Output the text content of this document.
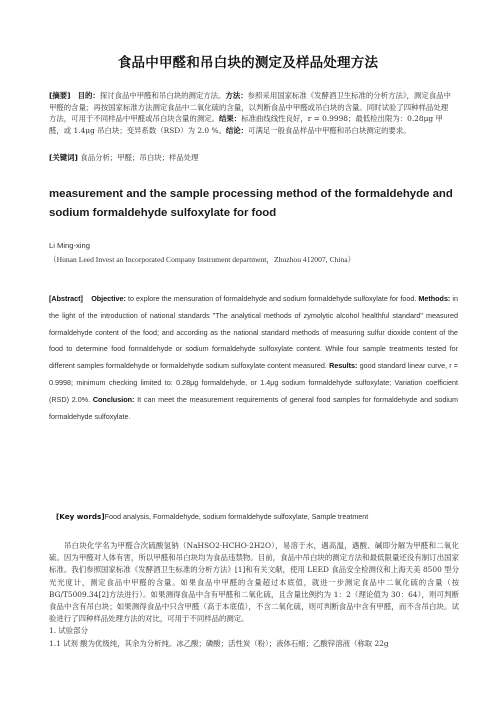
食品中甲醛和吊白块的测定及样品处理方法
[摘要] 目的：探讨食品中甲醛和吊白块的测定方法。方法：参照采用国家标准《发酵酒卫生标准的分析方法》，测定食品中甲醛的含量；再按国家标准方法测定食品中二氧化硫的含量，以判断食品中甲醛或吊白块的含量。同时试验了四种样品处理方法，可用于不同样品中甲醛或吊白块含量的测定。结果：标准曲线线性良好，r = 0.9998；最低检出限为：0.28μg 甲醛，或 1.4μg 吊白块；变异系数（RSD）为 2.0 %。结论：可满足一般食品样品中甲醛和吊白块测定的要求。
[关键词] 食品分析；甲醛；吊白块；样品处理
measurement and the sample processing method of the formaldehyde and sodium formaldehyde sulfoxylate for food
Li Ming-xing
（Hunan Leed Invest an Incorporated Company Instrument department，Zhuzhou 412007, China）
[Abstract] Objective: to explore the mensuration of formaldehyde and sodium formaldehyde sulfoxylate for food. Methods: in the light of the introduction of national standards "The analytical methods of zymolytic alcohol healthful standard" measured formaldehyde content of the food; and according as the national standard methods of measuring sulfur dioxide content of the food to determine food formaldehyde or sodium formaldehyde sulfoxylate content. While four sample treatments tested for different samples formaldehyde or formaldehyde sodium sulfoxylate content measured. Results: good standard linear curve, r = 0.9998; minimum checking limited to: 0.28μg formaldehyde, or 1.4μg sodium formaldehyde sulfoxylate; Variation coefficient (RSD) 2.0%. Conclusion: It can meet the measurement requirements of general food samples for formaldehyde and sodium formaldehyde sulfoxylate.
[Key words]Food analysis, Formaldehyde, sodium formaldehyde sulfoxylate, Sample treatment
吊白块化学名为甲醛合次硫酸氢钠（NaHSO2·HCHO·2H2O），易溶于水，遇高温，遇酸、碱即分解为甲醛和二氧化硫。因为甲醛对人体有害，所以甲醛和吊白块均为食品违禁物。目前，食品中吊白块的测定方法和最低限量还没有制订出国家标准。我们参照国家标准《发酵酒卫生标准的分析方法》[1]和有关文献，使用 LEED 食品安全检测仪和上海天美 8500 型分光光度计，测定食品中甲醛的含量。如果食品中甲醛的含量超过本底值，就进一步测定食品中二氧化硫的含量（按 BG/T5009.34[2]方法进行）。如果测得食品中含有甲醛和二氧化硫，且含量比例约为 1：2（理论值为 30：64），则可判断食品中含有吊白块；如果测得食品中只含甲醛（高于本底值），不含二氧化硫，则可判断食品中含有甲醛，而不含吊白块。试验进行了四种样品处理方法的对比，可用于不同样品的测定。
1. 试验部分
1.1 试剂 酸为优级纯，其余为分析纯。冰乙酸；磷酸；活性炭（粉）；液体石蜡；乙酸锌溶液（称取 22g
